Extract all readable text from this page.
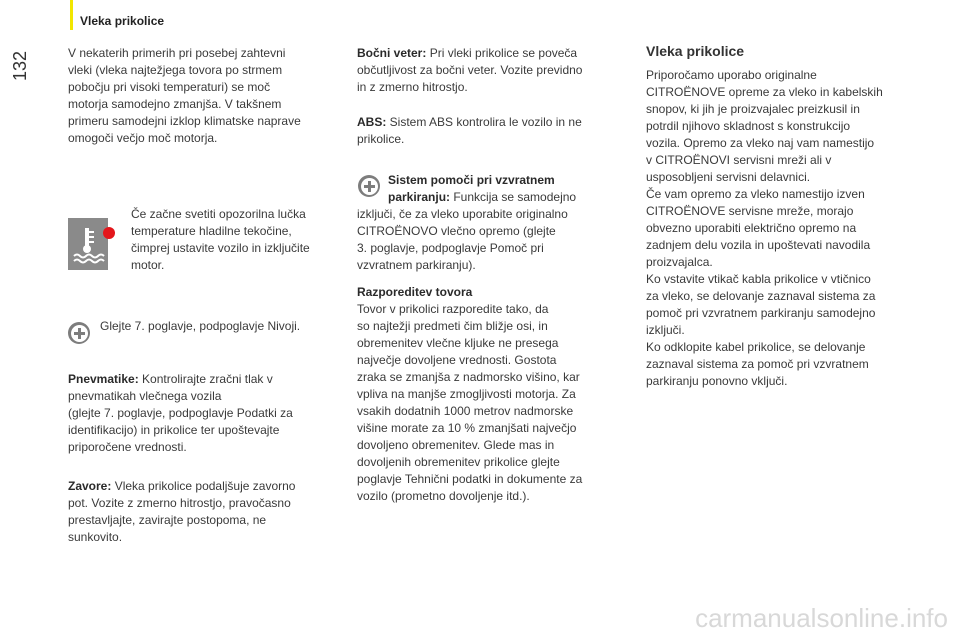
Vleka prikolice
132	V nekaterih primerih pri posebej zahtevni
vleki (vleka najtežjega tovora po strmem
pobočju pri visoki temperaturi) se moč
motorja samodejno zmanjša. V takšnem
primeru samodejni izklop klimatske naprave
omogoči večjo moč motorja.
Če začne svetiti opozorilna lučka
temperature hladilne tekočine,
čimprej ustavite vozilo in izključite
motor.
Glejte 7. poglavje, podpoglavje Nivoji.
Pnevmatike: Kontrolirajte zračni tlak v
pnevmatikah vlečnega vozila
(glejte 7. poglavje, podpoglavje Podatki za
identifikacijo) in prikolice ter upoštevajte
priporočene vrednosti.
Zavore: Vleka prikolice podaljšuje zavorno
pot. Vozite z zmerno hitrostjo, pravočasno
prestavljajte, zavirajte postopoma, ne
sunkovito.
Bočni veter: Pri vleki prikolice se poveča
občutljivost za bočni veter. Vozite previdno
in z zmerno hitrostjo.
ABS: Sistem ABS kontrolira le vozilo in ne
prikolice.
Sistem pomoči pri vzvratnem
parkiranju: Funkcija se samodejno
izključi, če za vleko uporabite originalno
CITROËNOVO vlečno opremo (glejte
3. poglavje, podpoglavje Pomoč pri
vzvratnem parkiranju).
Razporeditev tovora
Tovor v prikolici razporedite tako, da
so najtežji predmeti čim bližje osi, in
obremenitev vlečne kljuke ne presega
največje dovoljene vrednosti. Gostota
zraka se zmanjša z nadmorsko višino, kar
vpliva na manjše zmogljivosti motorja. Za
vsakih dodatnih 1000 metrov nadmorske
višine morate za 10 % zmanjšati največjo
dovoljeno obremenitev. Glede mas in
dovoljenih obremenitev prikolice glejte
poglavje Tehnični podatki in dokumente za
vozilo (prometno dovoljenje itd.).
Vleka prikolice
Priporočamo uporabo originalne
CITROËNOVE opreme za vleko in kabelskih
snopov, ki jih je proizvajalec preizkusil in
potrdil njihovo skladnost s konstrukcijo
vozila. Opremo za vleko naj vam namestijo
v CITROËNOVI servisni mreži ali v
usposobljeni servisni delavnici.
Če vam opremo za vleko namestijo izven
CITROËNOVE servisne mreže, morajo
obvezno uporabiti električno opremo na
zadnjem delu vozila in upoštevati navodila
proizvajalca.
Ko vstavite vtikač kabla prikolice v vtičnico
za vleko, se delovanje zaznaval sistema za
pomoč pri vzvratnem parkiranju samodejno
izključi.
Ko odklopite kabel prikolice, se delovanje
zaznaval sistema za pomoč pri vzvratnem
parkiranju ponovno vključi.
carmanualsonline.info
